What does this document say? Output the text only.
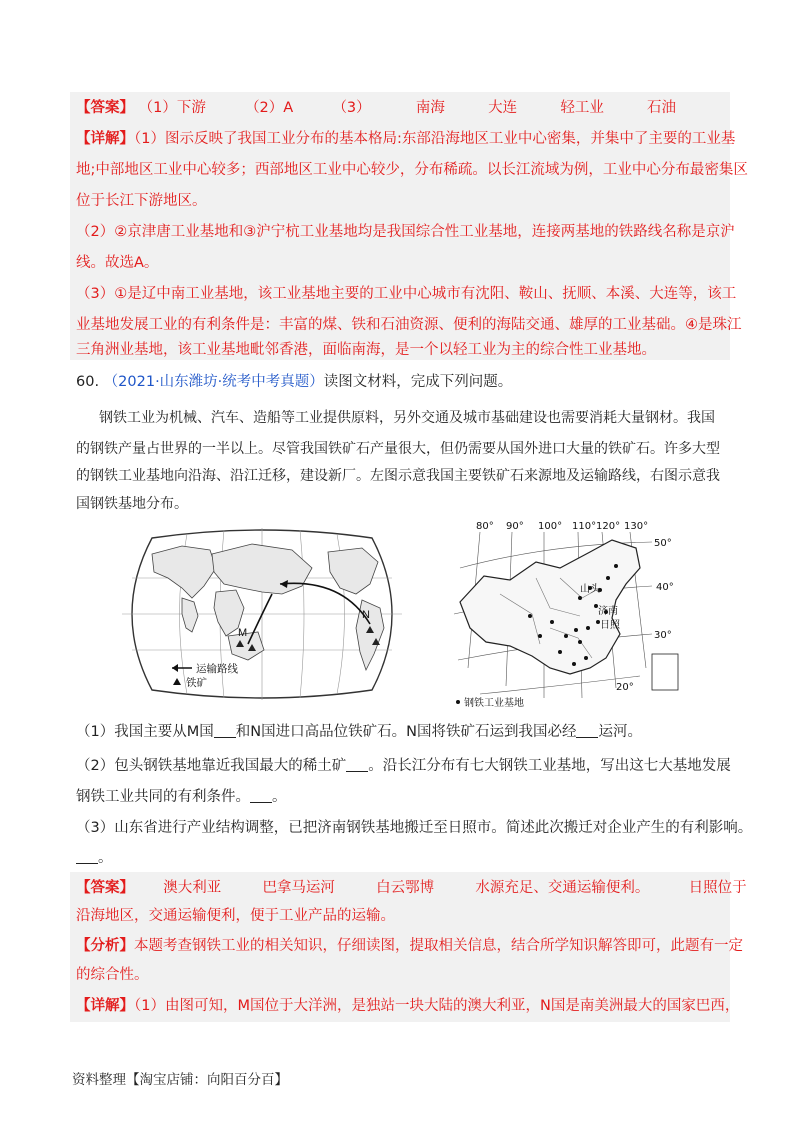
【答案】 （1）下游	（2）A	（3）	南海	大连	轻工业	石油
【详解】（1）图示反映了我国工业分布的基本格局:东部沿海地区工业中心密集，并集中了主要的工业基
地;中部地区工业中心较多；西部地区工业中心较少，分布稀疏。以长江流域为例，工业中心分布最密集区
位于长江下游地区。
（2）②京津唐工业基地和③沪宁杭工业基地均是我国综合性工业基地，连接两基地的铁路线名称是京沪
线。故选A。
（3）①是辽中南工业基地，该工业基地主要的工业中心城市有沈阳、鞍山、抚顺、本溪、大连等，该工
业基地发展工业的有利条件是：丰富的煤、铁和石油资源、便利的海陆交通、雄厚的工业基础。④是珠江
三角洲业基地，该工业基地毗邻香港，面临南海，是一个以轻工业为主的综合性工业基地。
60. （2021·山东潍坊·统考中考真题）读图文材料，完成下列问题。
钢铁工业为机械、汽车、造船等工业提供原料，另外交通及城市基础建设也需要消耗大量钢材。我国
的钢铁产量占世界的一半以上。尽管我国铁矿石产量很大，但仍需要从国外进口大量的铁矿石。许多大型
的钢铁工业基地向沿海、沿江迁移，建设新厂。左图示意我国主要铁矿石来源地及运输路线，右图示意我
国钢铁基地分布。
M
N
运输路线
铁矿
80° 90° 100° 110° 120° 130°
50°
40°
30°
20°
山头
济南
日照
钢铁工业基地
（1）我国主要从M国 和N国进口高品位铁矿石。N国将铁矿石运到我国必经 运河。
（2）包头钢铁基地靠近我国最大的稀土矿 。沿长江分布有七大钢铁工业基地，写出这七大基地发展
钢铁工业共同的有利条件。 。
（3）山东省进行产业结构调整，已把济南钢铁基地搬迁至日照市。简述此次搬迁对企业产生的有利影响。
。
【答案】 澳大利亚	巴拿马运河	白云鄂博	水源充足、交通运输便利。	日照位于
沿海地区，交通运输便利，便于工业产品的运输。
【分析】本题考查钢铁工业的相关知识，仔细读图，提取相关信息，结合所学知识解答即可，此题有一定
的综合性。
【详解】（1）由图可知，M国位于大洋洲，是独站一块大陆的澳大利亚，N国是南美洲最大的国家巴西，
资料整理【淘宝店铺：向阳百分百】
